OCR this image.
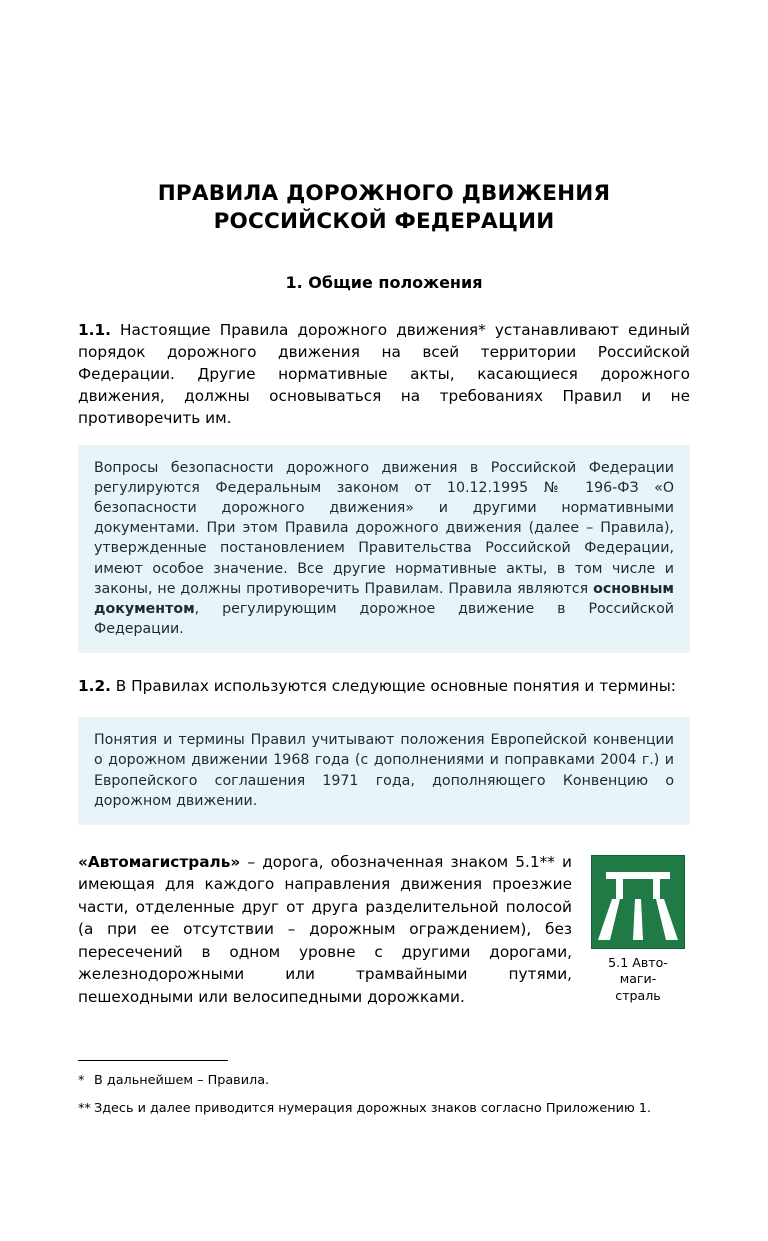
ПРАВИЛА ДОРОЖНОГО ДВИЖЕНИЯ
РОССИЙСКОЙ ФЕДЕРАЦИИ
1. Общие положения

1.1. Настоящие Правила дорожного движения* устанавливают единый порядок дорожного движения на всей территории Российской Федерации. Другие нормативные акты, касающиеся дорожного движения, должны основываться на требованиях Правил и не противоречить им.

Вопросы безопасности дорожного движения в Российской Федерации регулируются Федеральным законом от 10.12.1995 № 196-ФЗ «О безопасности дорожного движения» и другими нормативными документами. При этом Правила дорожного движения (далее – Правила), утвержденные постановлением Правительства Российской Федерации, имеют особое значение. Все другие нормативные акты, в том числе и законы, не должны противоречить Правилам. Правила являются основным документом, регулирующим дорожное движение в Российской Федерации.

1.2. В Правилах используются следующие основные понятия и термины:

Понятия и термины Правил учитывают положения Европейской конвенции о дорожном движении 1968 года (с дополнениями и поправками 2004 г.) и Европейского соглашения 1971 года, дополняющего Конвенцию о дорожном движении.

5.1 Авто-
маги-
страль

«Автомагистраль» – дорога, обозначенная знаком 5.1** и имеющая для каждого направления движения проезжие части, отделенные друг от друга разделительной полосой (а при ее отсутствии – дорожным ограждением), без пересечений в одном уровне с другими дорогами, железнодорожными или трамвайными путями, пешеходными или велосипедными дорожками.

* В дальнейшем – Правила.

** Здесь и далее приводится нумерация дорожных знаков согласно Приложению 1.
